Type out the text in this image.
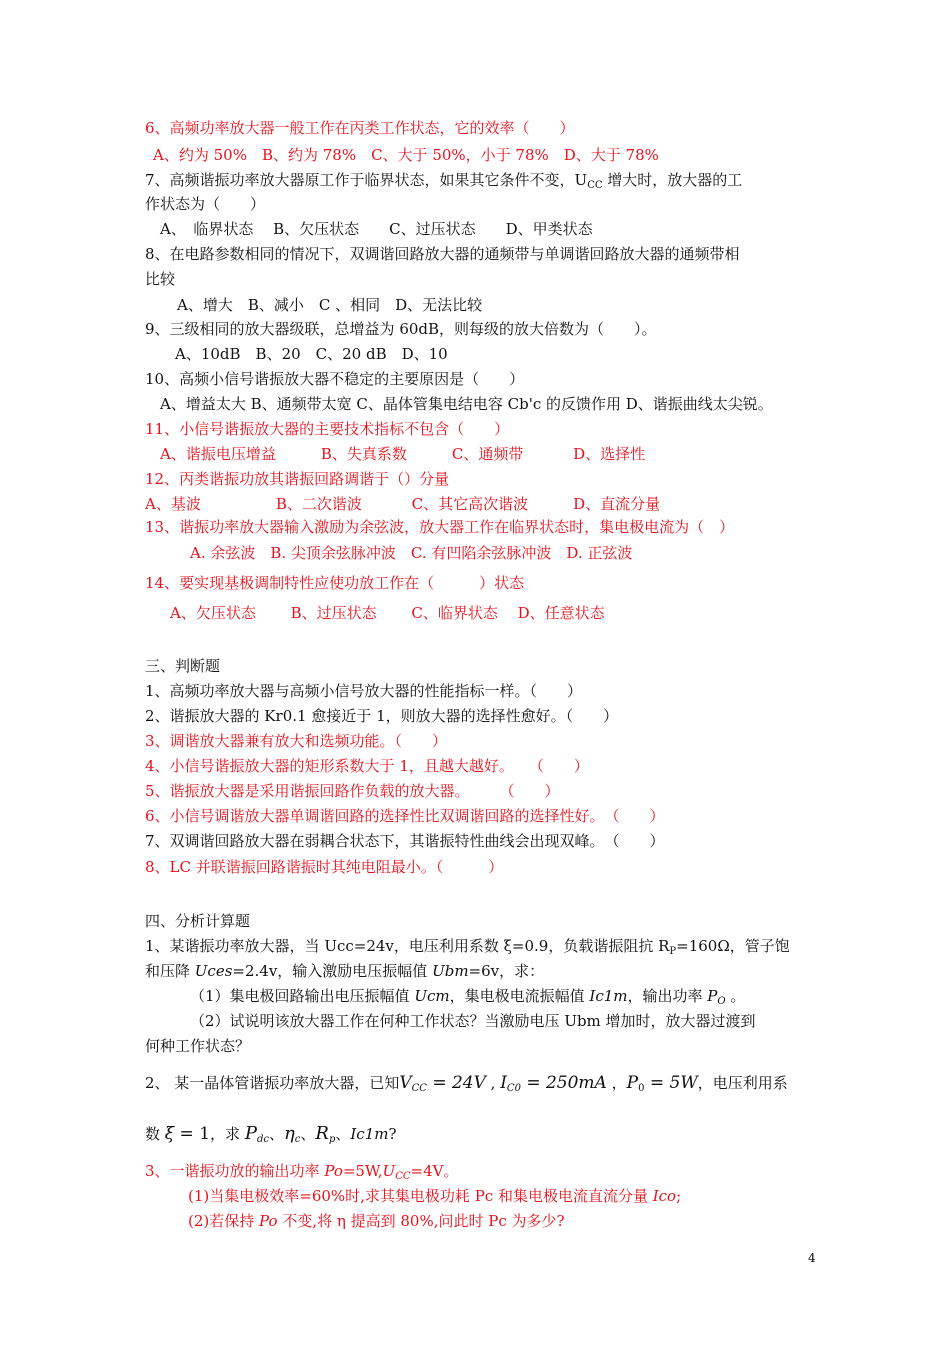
6、高频功率放大器一般工作在丙类工作状态，它的效率（　　）
A、约为 50%　B、约为 78%　C、大于 50%，小于 78%　D、大于 78%
7、高频谐振功率放大器原工作于临界状态，如果其它条件不变，$U_{CC}$ 增大时，放大器的工
作状态为（　　）
A、　临界状态　 B、欠压状态　　C、过压状态　　D、甲类状态
8、在电路参数相同的情况下，双调谐回路放大器的通频带与单调谐回路放大器的通频带相
比较
A、增大　B、减小　C 、相同　D、无法比较
9、三级相同的放大器级联，总增益为 60dB，则每级的放大倍数为（　　）。
A、10dB　B、20　C、20 dB　D、10
10、高频小信号谐振放大器不稳定的主要原因是（　　）
A、增益太大 B、通频带太宽 C、晶体管集电结电容 Cb'c 的反馈作用 D、谐振曲线太尖锐。
11、小信号谐振放大器的主要技术指标不包含（　　）
A、谐振电压增益　　　B、失真系数　　　C、通频带　　　 D、选择性
12、丙类谐振功放其谐振回路调谐于（）分量
A、基波　　　　　B、二次谐波　　　 C、其它高次谐波　　　D、直流分量
13、谐振功率放大器输入激励为余弦波，放大器工作在临界状态时，集电极电流为（　）
A. 余弦波　B. 尖顶余弦脉冲波　C. 有凹陷余弦脉冲波　D. 正弦波
14、要实现基极调制特性应使功放工作在（　　　）状态
A、欠压状态　　 B、过压状态　　 C、临界状态　 D、任意状态
三、判断题
1、高频功率放大器与高频小信号放大器的性能指标一样。（　　）
2、谐振放大器的 Kr0.1 愈接近于 1，则放大器的选择性愈好。（　　）
3、调谐放大器兼有放大和选频功能。（　　）
4、小信号谐振放大器的矩形系数大于 1，且越大越好。　　（　　）
5、谐振放大器是采用谐振回路作负载的放大器。　　　（　　）
6、小信号调谐放大器单调谐回路的选择性比双调谐回路的选择性好。　（　　）
7、双调谐回路放大器在弱耦合状态下，其谐振特性曲线会出现双峰。　（　　）
8、LC 并联谐振回路谐振时其纯电阻最小。（　　　）
四、分析计算题
1、某谐振功率放大器，当 Ucc=24v，电压利用系数 ξ=0.9，负载谐振阻抗 $R_P=160\Omega$，管子饱
和压降 Uces=2.4v，输入激励电压振幅值 Ubm=6v，求：
（1）集电极回路输出电压振幅值 Ucm，集电极电流振幅值 Ic1m，输出功率 $P_O$ 。
（2）试说明该放大器工作在何种工作状态？当激励电压 Ubm 增加时，放大器过渡到
何种工作状态？
2、 某一晶体管谐振功率放大器，已知$V_{CC} = 24V$ , $I_{C0} = 250mA$ ，$P_0 = 5W$，电压利用系
数 ξ = 1，求 $P_{dc}$、$\eta_c$、$R_p$、Ic1m?
3、一谐振功放的输出功率 $Po=5W,U_{CC}=4V$。
(1)当集电极效率=60%时,求其集电极功耗 Pc 和集电极电流直流分量 Ico;
(2)若保持 Po 不变,将 η 提高到 80%,问此时 Pc 为多少?
4
